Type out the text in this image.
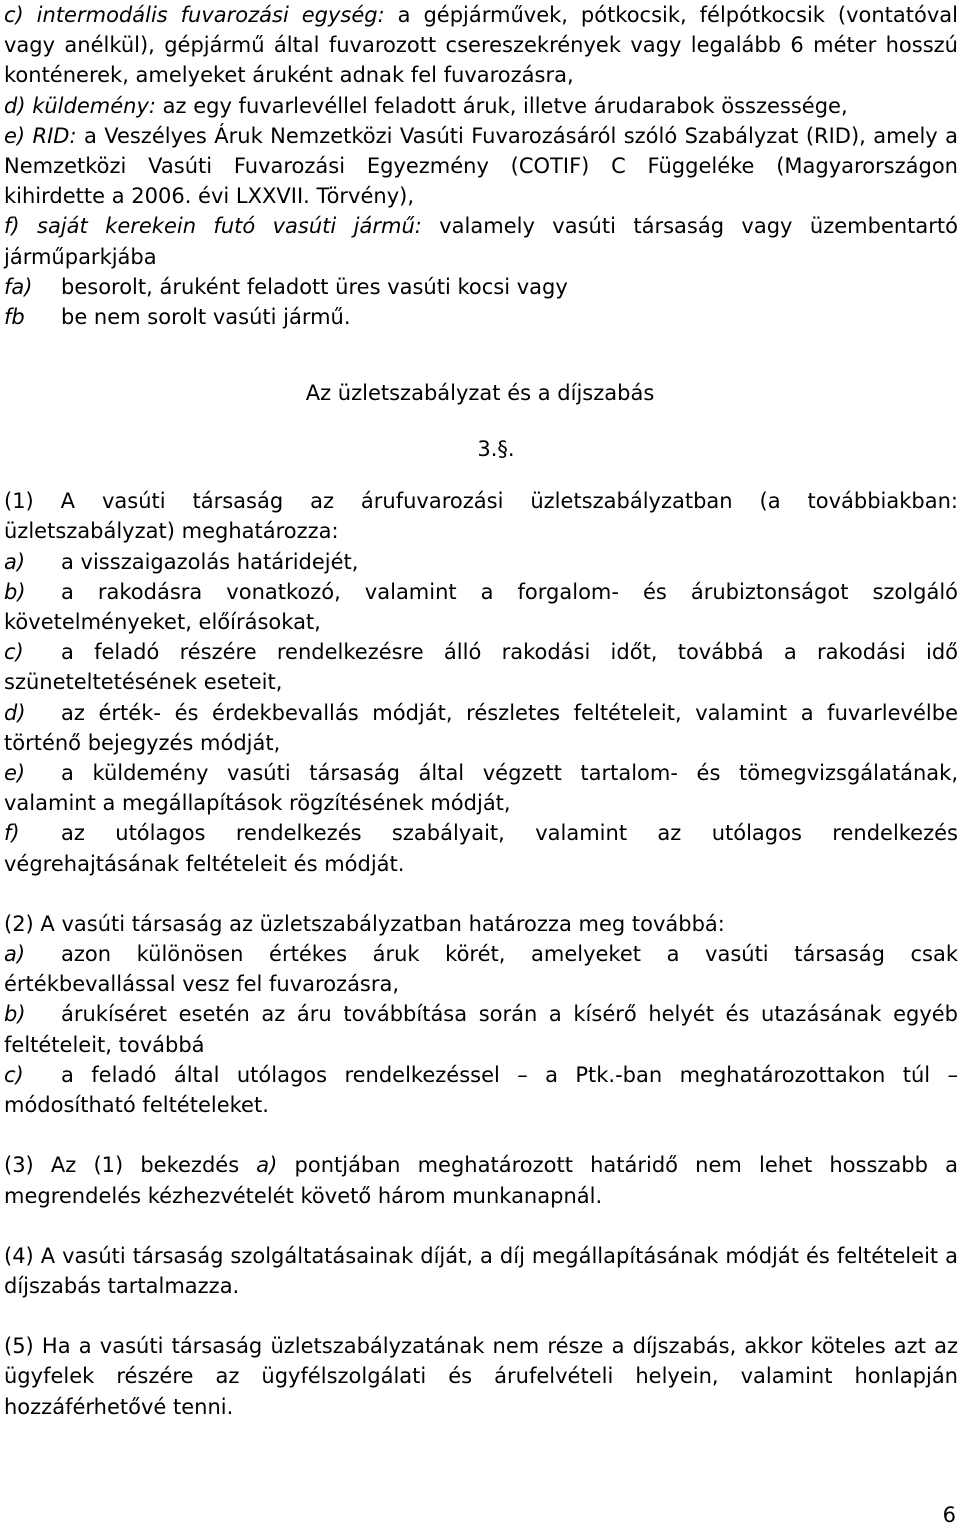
c) intermodális fuvarozási egység: a gépjárművek, pótkocsik, félpótkocsik (vontatóval vagy anélkül), gépjármű által fuvarozott csereszekrények vagy legalább 6 méter hosszú konténerek, amelyeket áruként adnak fel fuvarozásra,

d) küldemény: az egy fuvarlevéllel feladott áruk, illetve árudarabok összessége,

e) RID: a Veszélyes Áruk Nemzetközi Vasúti Fuvarozásáról szóló Szabályzat (RID), amely a Nemzetközi Vasúti Fuvarozási Egyezmény (COTIF) C Függeléke (Magyarországon kihirdette a 2006. évi LXXVII. Törvény),

f) saját kerekein futó vasúti jármű: valamely vasúti társaság vagy üzembentartó járműparkjába

fa)	besorolt, áruként feladott üres vasúti kocsi vagy
fb	be nem sorolt vasúti jármű.

Az üzletszabályzat és a díjszabás

3.§.

(1) A vasúti társaság az árufuvarozási üzletszabályzatban (a továbbiakban: üzletszabályzat) meghatározza:

a) a visszaigazolás határidejét,

b) a rakodásra vonatkozó, valamint a forgalom- és árubiztonságot szolgáló követelményeket, előírásokat,

c) a feladó részére rendelkezésre álló rakodási időt, továbbá a rakodási idő szüneteltetésének eseteit,

d) az érték- és érdekbevallás módját, részletes feltételeit, valamint a fuvarlevélbe történő bejegyzés módját,

e) a küldemény vasúti társaság által végzett tartalom- és tömegvizsgálatának, valamint a megállapítások rögzítésének módját,

f) az utólagos rendelkezés szabályait, valamint az utólagos rendelkezés végrehajtásának feltételeit és módját.

(2) A vasúti társaság az üzletszabályzatban határozza meg továbbá:

a) azon különösen értékes áruk körét, amelyeket a vasúti társaság csak értékbevallással vesz fel fuvarozásra,

b) árukíséret esetén az áru továbbítása során a kísérő helyét és utazásának egyéb feltételeit, továbbá

c) a feladó által utólagos rendelkezéssel – a Ptk.-ban meghatározottakon túl – módosítható feltételeket.

(3) Az (1) bekezdés a) pontjában meghatározott határidő nem lehet hosszabb a megrendelés kézhezvételét követő három munkanapnál.

(4) A vasúti társaság szolgáltatásainak díját, a díj megállapításának módját és feltételeit a díjszabás tartalmazza.

(5) Ha a vasúti társaság üzletszabályzatának nem része a díjszabás, akkor köteles azt az ügyfelek részére az ügyfélszolgálati és árufelvételi helyein, valamint honlapján hozzáférhetővé tenni.

6
